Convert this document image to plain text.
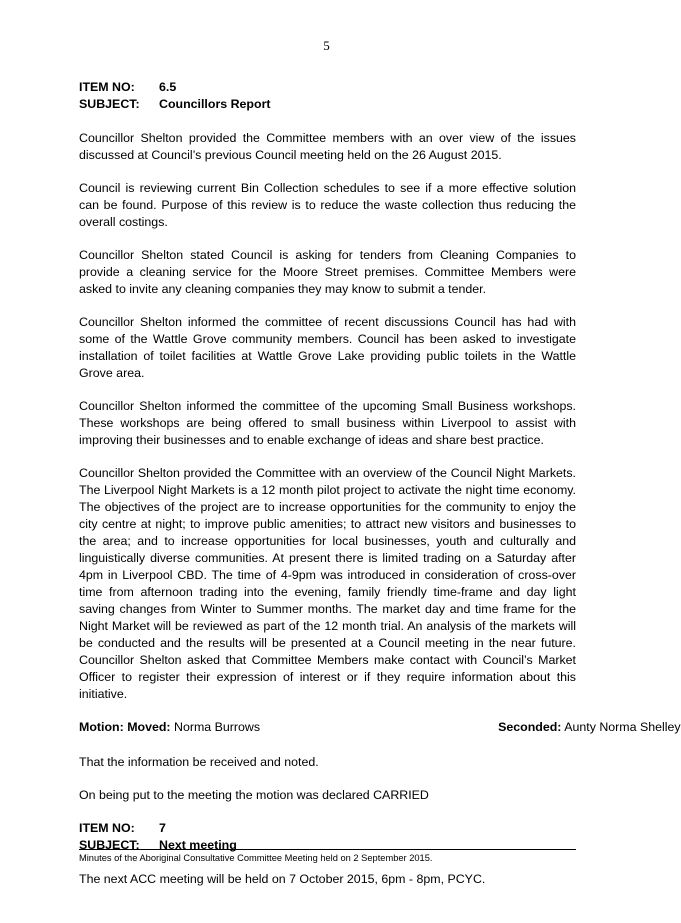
5
ITEM NO: 6.5
SUBJECT: Councillors Report

Councillor Shelton provided the Committee members with an over view of the issues discussed at Council’s previous Council meeting held on the 26 August 2015.

Council is reviewing current Bin Collection schedules to see if a more effective solution can be found. Purpose of this review is to reduce the waste collection thus reducing the overall costings.

Councillor Shelton stated Council is asking for tenders from Cleaning Companies to provide a cleaning service for the Moore Street premises. Committee Members were asked to invite any cleaning companies they may know to submit a tender.

Councillor Shelton informed the committee of recent discussions Council has had with some of the Wattle Grove community members. Council has been asked to investigate installation of toilet facilities at Wattle Grove Lake providing public toilets in the Wattle Grove area.

Councillor Shelton informed the committee of the upcoming Small Business workshops. These workshops are being offered to small business within Liverpool to assist with improving their businesses and to enable exchange of ideas and share best practice.

Councillor Shelton provided the Committee with an overview of the Council Night Markets. The Liverpool Night Markets is a 12 month pilot project to activate the night time economy. The objectives of the project are to increase opportunities for the community to enjoy the city centre at night; to improve public amenities; to attract new visitors and businesses to the area; and to increase opportunities for local businesses, youth and culturally and linguistically diverse communities. At present there is limited trading on a Saturday after 4pm in Liverpool CBD. The time of 4-9pm was introduced in consideration of cross-over time from afternoon trading into the evening, family friendly time-frame and day light saving changes from Winter to Summer months. The market day and time frame for the Night Market will be reviewed as part of the 12 month trial. An analysis of the markets will be conducted and the results will be presented at a Council meeting in the near future. Councillor Shelton asked that Committee Members make contact with Council’s Market Officer to register their expression of interest or if they require information about this initiative.

Motion: Moved: Norma Burrows	Seconded: Aunty Norma Shelley

That the information be received and noted.

On being put to the meeting the motion was declared CARRIED

ITEM NO: 7
SUBJECT: Next meeting

The next ACC meeting will be held on 7 October 2015, 6pm - 8pm, PCYC.

Minutes of the Aboriginal Consultative Committee Meeting held on 2 September 2015.
